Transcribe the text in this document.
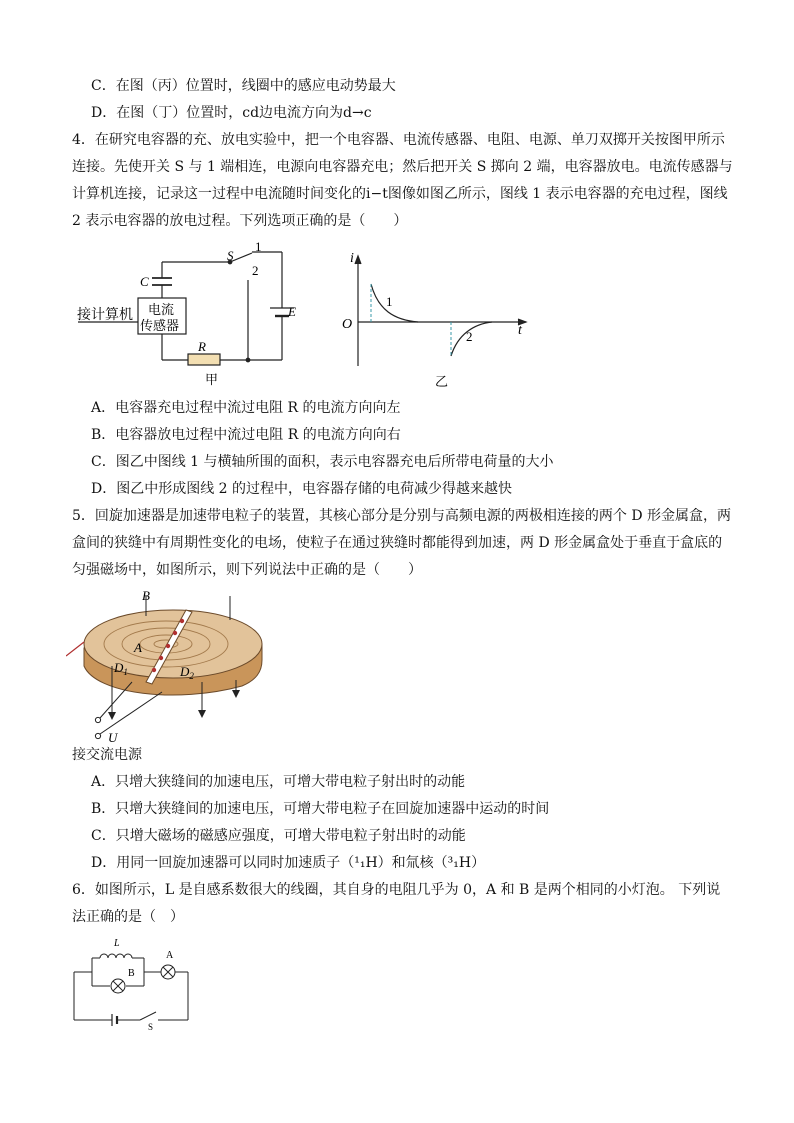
C．在图（丙）位置时，线圈中的感应电动势最大
D．在图（丁）位置时，cd边电流方向为d→c
4．在研究电容器的充、放电实验中，把一个电容器、电流传感器、电阻、电源、单刀双掷开关按图甲所示
连接。先使开关 S 与 1 端相连，电源向电容器充电；然后把开关 S 掷向 2 端，电容器放电。电流传感器与
计算机连接，记录这一过程中电流随时间变化的i−t图像如图乙所示，图线 1 表示电容器的充电过程，图线
2 表示电容器的放电过程。下列选项正确的是（　　）
S
1
2
C
E
R
接计算机 电流
传感器
甲
i
O	t
1
2
乙
A．电容器充电过程中流过电阻 R 的电流方向向左
B．电容器放电过程中流过电阻 R 的电流方向向右
C．图乙中图线 1 与横轴所围的面积，表示电容器充电后所带电荷量的大小
D．图乙中形成图线 2 的过程中，电容器存储的电荷减少得越来越快
5．回旋加速器是加速带电粒子的装置，其核心部分是分别与高频电源的两极相连接的两个 D 形金属盒，两
盒间的狭缝中有周期性变化的电场，使粒子在通过狭缝时都能得到加速，两 D 形金属盒处于垂直于盒底的
匀强磁场中，如图所示，则下列说法中正确的是（　　）
B
A
$D_1$	$D_2$
U
接交流电源
A．只增大狭缝间的加速电压，可增大带电粒子射出时的动能
B．只增大狭缝间的加速电压，可增大带电粒子在回旋加速器中运动的时间
C．只增大磁场的磁感应强度，可增大带电粒子射出时的动能
D．用同一回旋加速器可以同时加速质子（¹₁H）和氚核（³₁H）
6．如图所示，L 是自感系数很大的线圈，其自身的电阻几乎为 0，A 和 B 是两个相同的小灯泡。 下列说
法正确的是（　）
L
A
B
S
